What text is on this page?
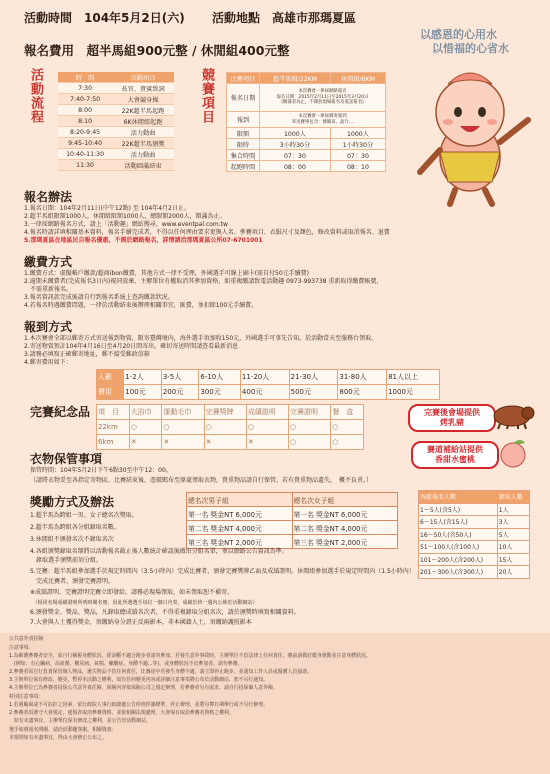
活動時間　104年5月2日(六) 活動地點　高雄市那瑪夏區
報名費用　超半馬組900元整 / 休閒組400元整
以感恩的心用水
以惜福的心省水
活動流程	時　間	活動項目
7:30	長官、貴賓致詞
7:40-7:50	大會競身操
8:00	22K超半馬起跑
8:10	6K休閒組起跑
8:20-9:45	活力動曲
9:45-10:40	22K超半馬頒獎
10:40-11:30	活力動曲
11:30	活動圓滿結束
競賽項目	比賽項目	超半馬組/22KM	休閒組/6KM
報名日期	本次賽會一律採網路報名
報名日期：2015年2月11日至2015年3月20日
(額滿者為止，不開放現場報名及電話報名)	
報到	本次賽會一律採郵寄報到
寄送賽事包含：號碼布、晶片…	
限額	1000人	1000人
限時	3小時30分	1小時30分
集合時間	07：30	07：30
起跑時間	08：00	08：10
報名辦法
1.報名日期：104年2月11日(中午12點) 至 104年4月2日止。
2.超半馬組限額1000人，休閒組限額1000人，總限額2000人，額滿為止。
3.一律採網路報名方式，請上「活動趣」網站搜尋，www.eventpal.com.tw
4.報名時請詳填相關基本資料，報名手續完成者，不得以任何理由要求更換人名、參賽項目、衣服尺寸及顏色，修改資料或取消報名、退費
5.那瑪夏區在地區民自報名優惠，不需於網路報名，詳情請洽那瑪夏區公所07-6701001
繳費方式
1.繳費方式：虛擬帳戶繳款/超商ibon繳費，其他方式一律不受理，外國選手可線上刷卡(需自付50元手續費)
2.逾期未繳費者(完成報名3日內)視同放棄，主辦單位有權取消其參加資格，如重複繳請致電活動趣 0973-993738 重新取得繳費帳號，
　不需重新報名。
3.報名資訊款完成後請自行到報名系統上查詢繳款狀況。
4.若報名時遇繳費問題，一律於活動結束後辦理相關事宜，匯費，並扣除100元手續費。
報到方式
1.本次賽會全部以郵寄方式寄送報到物資，限寄臺灣境內，海外選手須加收150元，外國選手可事先告知，於活動當天至服務台領取。
2.寄送物資預計104年4月16日至4月20日間寄出，確切寄送時間請查看最新消息
3.請務必填寫正確郵寄地址，郵不接受郵政信箱
4.郵寄費用如下：
人數	1-2人	3-5人	6-10人	11-20人	21-30人	31-80人	81人以上
費用	100元	200元	300元	400元	500元	800元	1000元
完賽紀念品 項　目	大浴巾	運動毛巾	完賽獎牌	成績證明	完賽證明	餐　盒
22km	○	○	○	○	○	○
6km	✕	✕	✕	✕	○	○
完賽後會場提供
烤乳豬
賽道補給站提供
香甜水蜜桃
衣物保管事項
保管時間：104年5月2日下午6點30至中午12：00。
（請將衣物妥至各指定寄物區，比賽結束後，憑號碼布至原處領取衣物，貴重物品請自行保管，若有貴重物品遺失，　概不負責。）
獎勵方式及辦法	總名次男子組	總名次女子組
第一名 獎金NT 6,000元	第一名 獎金NT 6,000元
第二名 獎金NT 4,000元	第二名 獎金NT 4,000元
第三名 獎金NT 2,000元	第三名 獎金NT 2,000元
各組報名人數	錄取人數
1～5人(含5人)	1人
6～15人(含15人)	3人
16～50人(含50人)	5人
51～100人(含100人)	10人
101～200人(含200人)	15人
201～300人(含300人)	20人
1.超半馬為跨組一男、女子總名次獎取。
2.超半馬為跨組各分組錄取名數。
3.休閒組不頒發名次不錄取名次
4.各組頒獎錄取名額將以活動報名截止後人數統計確認後做出分組名單，並以網路公告資訊為準。
　錄取選手頒獎前須分組。
5.完賽：超半馬組參加選手於規定時間內（3.5小時內）完成比賽者，頒發完賽獎牌乙面及成績證明。休閒組參加選手於規定時間內（1.5小時內）
　完成比賽者，頒發完賽證明。
※成績證明、完賽證明完賽立即發給，請務必現場領取，如未領取恕不補寄。
　（相同名場成績證明所列時間名冊，因此所選選手每位一個只舟奏，成績於終一週內公佈於活動網站）
6.頒發獎金、獎品、獎品，凡錄取總成績名次者，不得重複錄取分組名次，請於頒獎時填寫相關資料。
7.大會與人士獲得獎金，須繳納身分證正反兩影本，非本國籍人士，須繳納護照影本
公共意外責任險
注意事項：
1.為維護參賽者安全，需自行檢視身體狀況，經診斷不適合跑步者請勿參加，若發生意外事故時，主辦單位不負法律上任何責任，賽前請做好暖身運動並注意身體狀況。
　(例如：有心臟病、高血壓、糖尿病、氣喘、癲癇症、身體不適...等)，或身體狀況不宜參加者，請勿參賽。
2.參賽者需自行負責保管個人物品，遺失物品不負任何責任，比賽途中若發生身體不適，請立即停止跑步，並通知工作人員或醫護人員協助。
3.主辦單位保有修改、變更、暫停本活動之權利，如有任何變更內容或詳細注意事項將公布於活動網站，恕不另行通知。
4.主辦單位已為參賽者投保公共意外責任險，保險內容依保險公司之規定辦理，若參賽者另有需求，請自行投保個人意外險。
特別注意事項：
1.若遇颱風或不可抗拒之因素，依行政院人事行政總處公告停班停課標準，停止辦理，並將另擇日期舉行或不另行辦理。
2.參賽者須遵守大會規定，違規者取消參賽資格，並依相關法規處理，大會保有取消參賽者資格之權利。
　如有未盡事宜，主辦單位保有修改之權利，並公告於活動網站。
選手如遇報名問題，請洽活動趣客服，相關資訊：
本規則如有未盡事宜，得由大會修正公布之。
